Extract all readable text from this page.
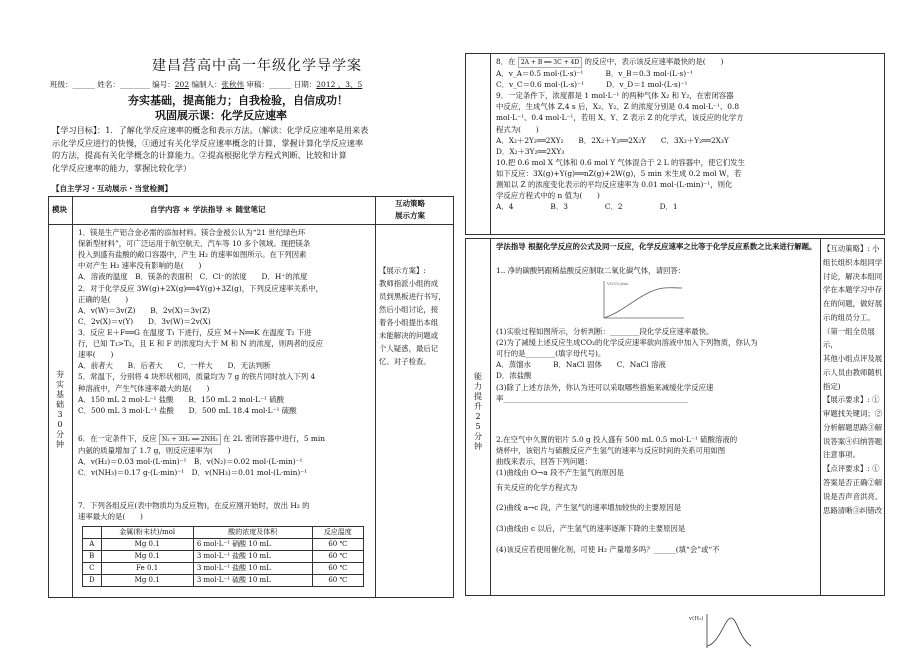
建昌营高中高一年级化学导学案
班级：______ 姓名：________ 编号：202 编制人：张秋伟 审稿：______ 日期：2012 、3、5
夯实基础，提高能力；自我检验，自信成功！
巩固展示课：化学反应速率

【学习目标】：1．了解化学反应速率的概念和表示方法。（解读：化学反应速率是用来表

示化学反应进行的快慢，①通过有关化学反应速率概念的计算，掌握计算化学反应速率

的方法，提高有关化学概念的计算能力。②提高根据化学方程式判断、比较和计算

化学反应速率的能力，掌握比较化学）

【自主学习・互动展示・当堂检测】
模块	自学内容 ＊ 学法指导 ＊ 随堂笔记
互动策略
展示方案
夯实基础30分钟

1．镁是生产铝合金必需的添加材料。镁合金被公认为“21 世纪绿色环

保新型材料”，可广泛运用于航空航天、汽车等 10 多个领域。现把镁条

投入到盛有盐酸的敞口容器中，产生 H₂ 的速率如图所示。在下列因素

中对产生 H₂ 速率没有影响的是(　　)

A．溶液的温度　B．镁条的表面积　C．Cl⁻的浓度　　D．H⁺的浓度

2．对于化学反应 3W(g)+2X(g)══4Y(g)+3Z(g)，下列反应速率关系中，

正确的是(　　)

A．v(W)＝3v(Z)　　B．2v(X)＝3v(Z)

C．2v(X)＝v(Y)　　D．3v(W)＝2v(X)

3．反应 E＋F══G 在温度 T₁ 下进行，反应 M＋N══K 在温度 T₂ 下进

行，已知 T₁>T₂，且 E 和 F 的浓度均大于 M 和 N 的浓度，则两者的反应

速率(　　)

A．前者大　　B．后者大　　C．一样大　　D．无法判断

5．常温下，分别将 4 块形状相同，质量均为 7 g 的铁片同时放入下列 4

种溶液中，产生气体速率最大的是(　　)

A．150 mL 2 mol·L⁻¹ 盐酸　　B．150 mL 2 mol·L⁻¹ 硫酸

C．500 mL 3 mol·L⁻¹ 盐酸　　D．500 mL 18.4 mol·L⁻¹ 硫酸

6．在一定条件下，反应 N₂ + 3H₂ ══ 2NH₃ 在 2L 密闭容器中进行，5 min

内氨的质量增加了 1.7 g，则反应速率为(　　)

A．v(H₂)＝0.03 mol·(L·min)⁻¹　 B．v(N₂)＝0.02 mol·(L·min)⁻¹

C．v(NH₃)＝0.17 g·(L·min)⁻¹　 D．v(NH₃)＝0.01 mol·(L·min)⁻¹

7．下列各组反应(表中物质均为反应物)，在反应刚开始时，放出 H₂ 的

速率最大的是(　　)

	金属(粉末状)/mol	酸的浓度及体积	反应温度
A	Mg 0.1	6 mol·L⁻¹ 硝酸 10 mL	60 ℃
B	Mg 0.1	3 mol·L⁻¹ 盐酸 10 mL	60 ℃
C	Fe 0.1	3 mol·L⁻¹ 盐酸 10 mL	60 ℃
D	Mg 0.1	3 mol·L⁻¹ 硫酸 10 mL	60 ℃

【展示方案】:

教师指派小组的成

员到黑板进行书写，

然后小组讨论，接

着各小组提出本组

未能解决的问题或

个人疑惑，最后记

忆、对子检查。

8．在 2A + B ══ 3C + 4D 的反应中，表示该反应速率最快的是(　　)

A．v_A＝0.5 mol·(L·s)⁻¹　　　	B．v_B＝0.3 mol·(L·s)⁻¹

C．v_C＝0.6 mol·(L·s)⁻¹　　　	D．v_D＝1 mol·(L·s)⁻¹

9．一定条件下，浓度都是 1 mol·L⁻¹ 的两种气体 X₂ 和 Y₂，在密闭容器

中反应，生成气体 Z,4 s 后，X₂、Y₂、Z 的浓度分别是 0.4 mol·L⁻¹、0.8

mol·L⁻¹、0.4 mol·L⁻¹，若用 X、Y、Z 表示 Z 的化学式，该反应的化学方

程式为(　　)

A．X₂＋2Y₂══2XY₂　　B．2X₂＋Y₂══2X₂Y　　C．3X₂＋Y₂══2X₃Y

D．X₂＋3Y₂══2XY₃

10.把 0.6 mol X 气体和 0.6 mol Y 气体混合于 2 L 的容器中，使它们发生

如下反应：3X(g)+Y(g)══nZ(g)+2W(g)，5 min 末生成 0.2 mol W，若

测知以 Z 的浓度变化表示的平均反应速率为 0.01 mol·(L·min)⁻¹，则化

学反应方程式中的 n 值为(　　)

A．4　　　　　B．3　　　　　C．2　　　　　D．1

能力提升25分钟
学法指导 根据化学反应的公式及同一反应，化学反应速率之比等于化学反应系数之比来进行解题。

1.. 净的碳酸钙跟稀盐酸反应制取二氧化碳气体，请回答：

V(CO₂)/mL

(1)实验过程如图所示，分析判断：________段化学反应速率最快。

(2)为了减缓上述反应生成CO₂的化学反应速率欲向溶液中加入下列物质，你认为

可行的是________(填字母代号)。

A．蒸馏水　　　B．NaCl 固体　　C．NaCl 溶液

D．浓盐酸

(3)除了上述方法外，你认为还可以采取哪些措施来减缓化学反应速

率__________________________________________________

2.在空气中久置的铝片 5.0 g 投入盛有 500 mL 0.5 mol·L⁻¹ 硫酸溶液的

烧杯中，该铝片与硫酸反应产生氢气的速率与反应时间的关系可用如图

曲线来表示，回答下列问题：

(1)曲线由 O→a 段不产生氢气的原因是

有关反应的化学方程式为

(2)曲线 a→c 段，产生氢气的速率增加较快的主要原因是

(3)曲线由 c 以后，产生氢气的速率逐渐下降的主要原因是

(4)该反应若使用催化剂，可使 H₂ 产量增多吗？______(填“会”或“不

【互动策略】: 小

组长组织本组同学

讨论，解决本组同

学在本题学习中存

在的问题，做好展

示的组员分工。

（第一组全员展示，

其他小组点评及展

示人员由教师随机

指定)

【展示要求】: ①

审题找关键词；②

分析解题思路③解

说答案④归纳答题

注意事项。

【点评要求】: ①

答案是否正确②解

说是否声音洪亮、

思路清晰③纠错改

v(H₂)
